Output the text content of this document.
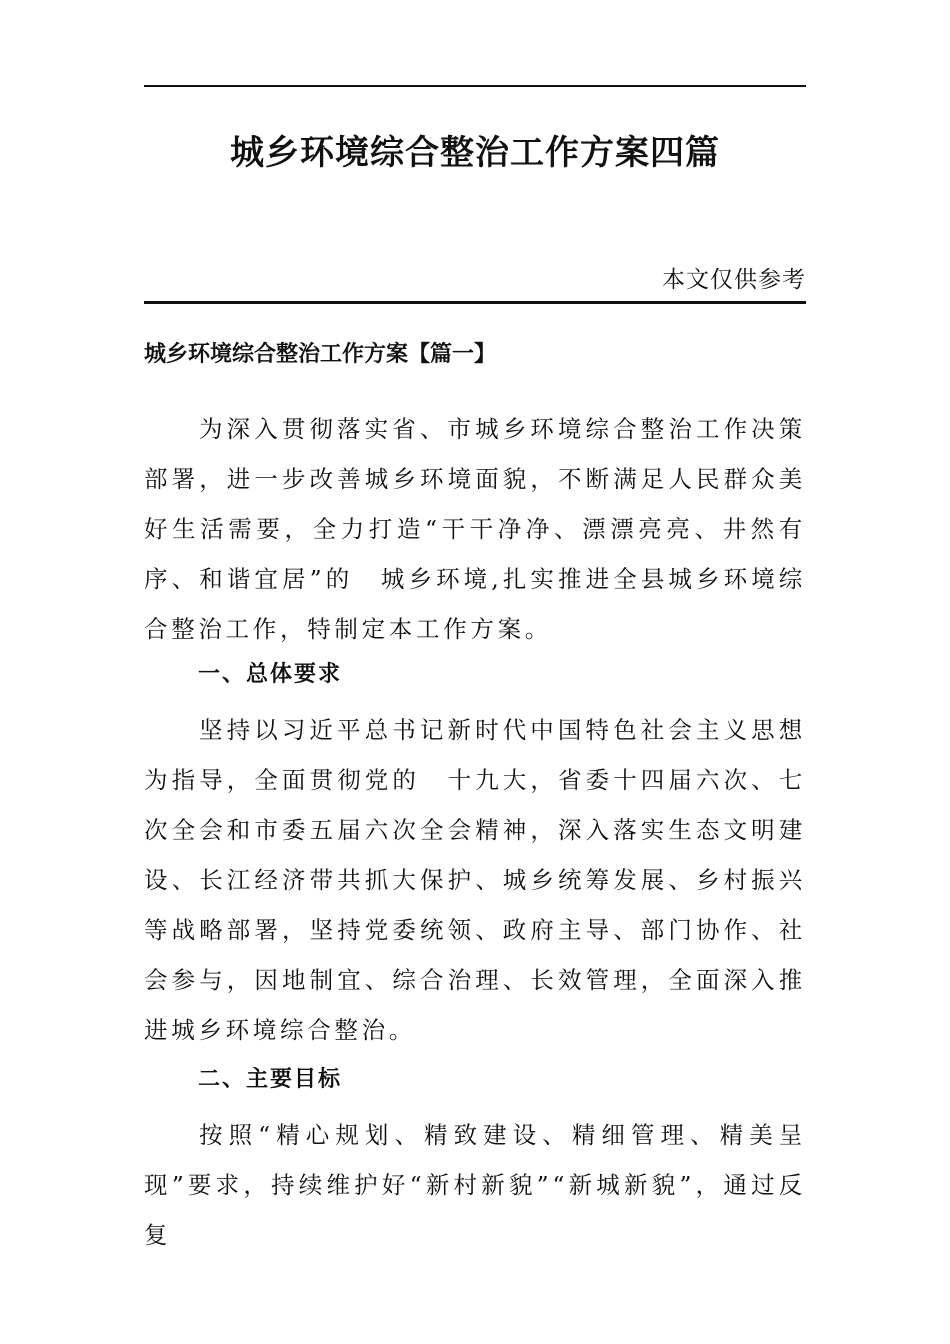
城乡环境综合整治工作方案四篇
本文仅供参考
城乡环境综合整治工作方案【篇一】

为深入贯彻落实省、市城乡环境综合整治工作决策部署，进一步改善城乡环境面貌，不断满足人民群众美好生活需要，全力打造“干干净净、漂漂亮亮、井然有序、和谐宜居”的　城乡环境,扎实推进全县城乡环境综合整治工作，特制定本工作方案。

一、总体要求

坚持以习近平总书记新时代中国特色社会主义思想为指导，全面贯彻党的　十九大，省委十四届六次、七次全会和市委五届六次全会精神，深入落实生态文明建设、长江经济带共抓大保护、城乡统筹发展、乡村振兴等战略部署，坚持党委统领、政府主导、部门协作、社会参与，因地制宜、综合治理、长效管理，全面深入推进城乡环境综合整治。

二、主要目标

按照“精心规划、精致建设、精细管理、精美呈现”要求，持续维护好“新村新貌”“新城新貌”，通过反复
